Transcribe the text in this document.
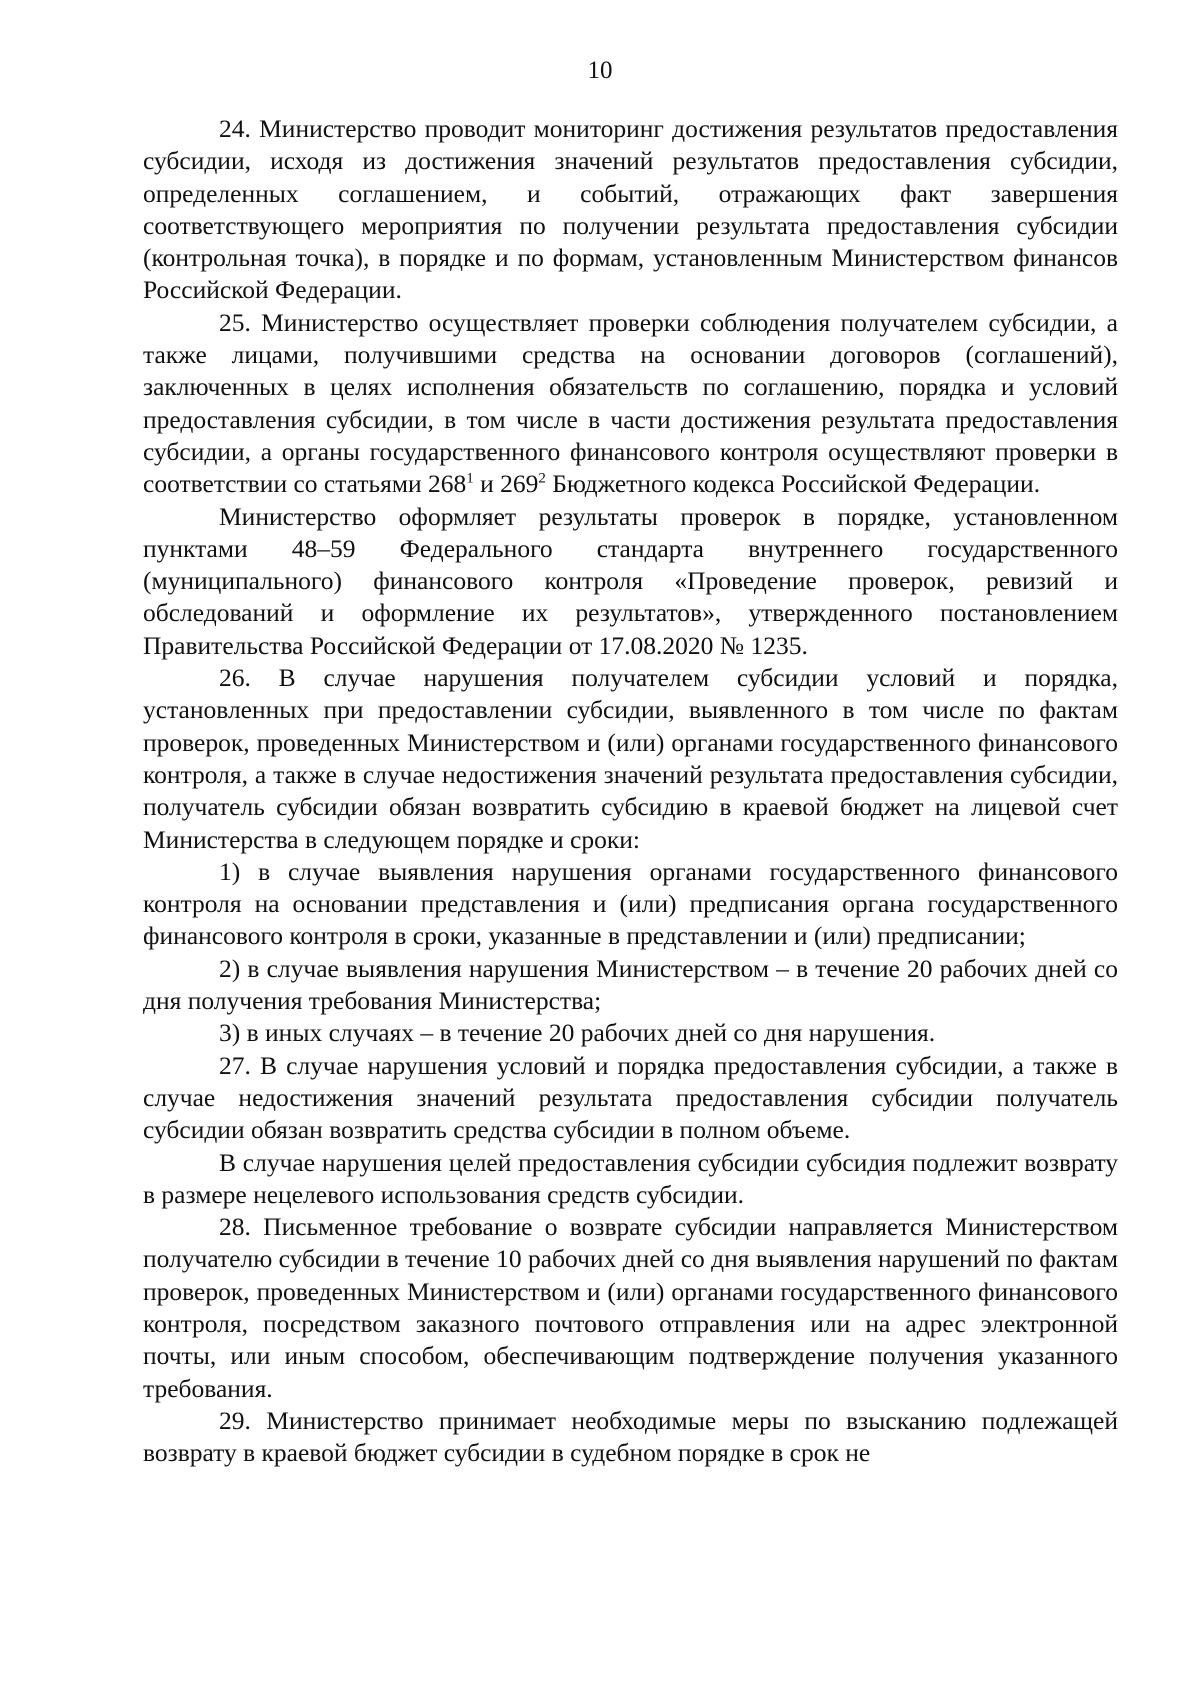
10

24. Министерство проводит мониторинг достижения результатов предоставления субсидии, исходя из достижения значений результатов предоставления субсидии, определенных соглашением, и событий, отражающих факт завершения соответствующего мероприятия по получении результата предоставления субсидии (контрольная точка), в порядке и по формам, установленным Министерством финансов Российской Федерации.

25. Министерство осуществляет проверки соблюдения получателем субсидии, а также лицами, получившими средства на основании договоров (соглашений), заключенных в целях исполнения обязательств по соглашению, порядка и условий предоставления субсидии, в том числе в части достижения результата предоставления субсидии, а органы государственного финансового контроля осуществляют проверки в соответствии со статьями $268^1$ и $269^2$ Бюджетного кодекса Российской Федерации.

Министерство оформляет результаты проверок в порядке, установленном пунктами 48–59 Федерального стандарта внутреннего государственного (муниципального) финансового контроля «Проведение проверок, ревизий и обследований и оформление их результатов», утвержденного постановлением Правительства Российской Федерации от 17.08.2020 № 1235.

26. В случае нарушения получателем субсидии условий и порядка, установленных при предоставлении субсидии, выявленного в том числе по фактам проверок, проведенных Министерством и (или) органами государственного финансового контроля, а также в случае недостижения значений результата предоставления субсидии, получатель субсидии обязан возвратить субсидию в краевой бюджет на лицевой счет Министерства в следующем порядке и сроки:

1) в случае выявления нарушения органами государственного финансового контроля на основании представления и (или) предписания органа государственного финансового контроля в сроки, указанные в представлении и (или) предписании;

2) в случае выявления нарушения Министерством – в течение 20 рабочих дней со дня получения требования Министерства;

3) в иных случаях – в течение 20 рабочих дней со дня нарушения.

27. В случае нарушения условий и порядка предоставления субсидии, а также в случае недостижения значений результата предоставления субсидии получатель субсидии обязан возвратить средства субсидии в полном объеме.

В случае нарушения целей предоставления субсидии субсидия подлежит возврату в размере нецелевого использования средств субсидии.

28. Письменное требование о возврате субсидии направляется Министерством получателю субсидии в течение 10 рабочих дней со дня выявления нарушений по фактам проверок, проведенных Министерством и (или) органами государственного финансового контроля, посредством заказного почтового отправления или на адрес электронной почты, или иным способом, обеспечивающим подтверждение получения указанного требования.

29. Министерство принимает необходимые меры по взысканию подлежащей возврату в краевой бюджет субсидии в судебном порядке в срок не
